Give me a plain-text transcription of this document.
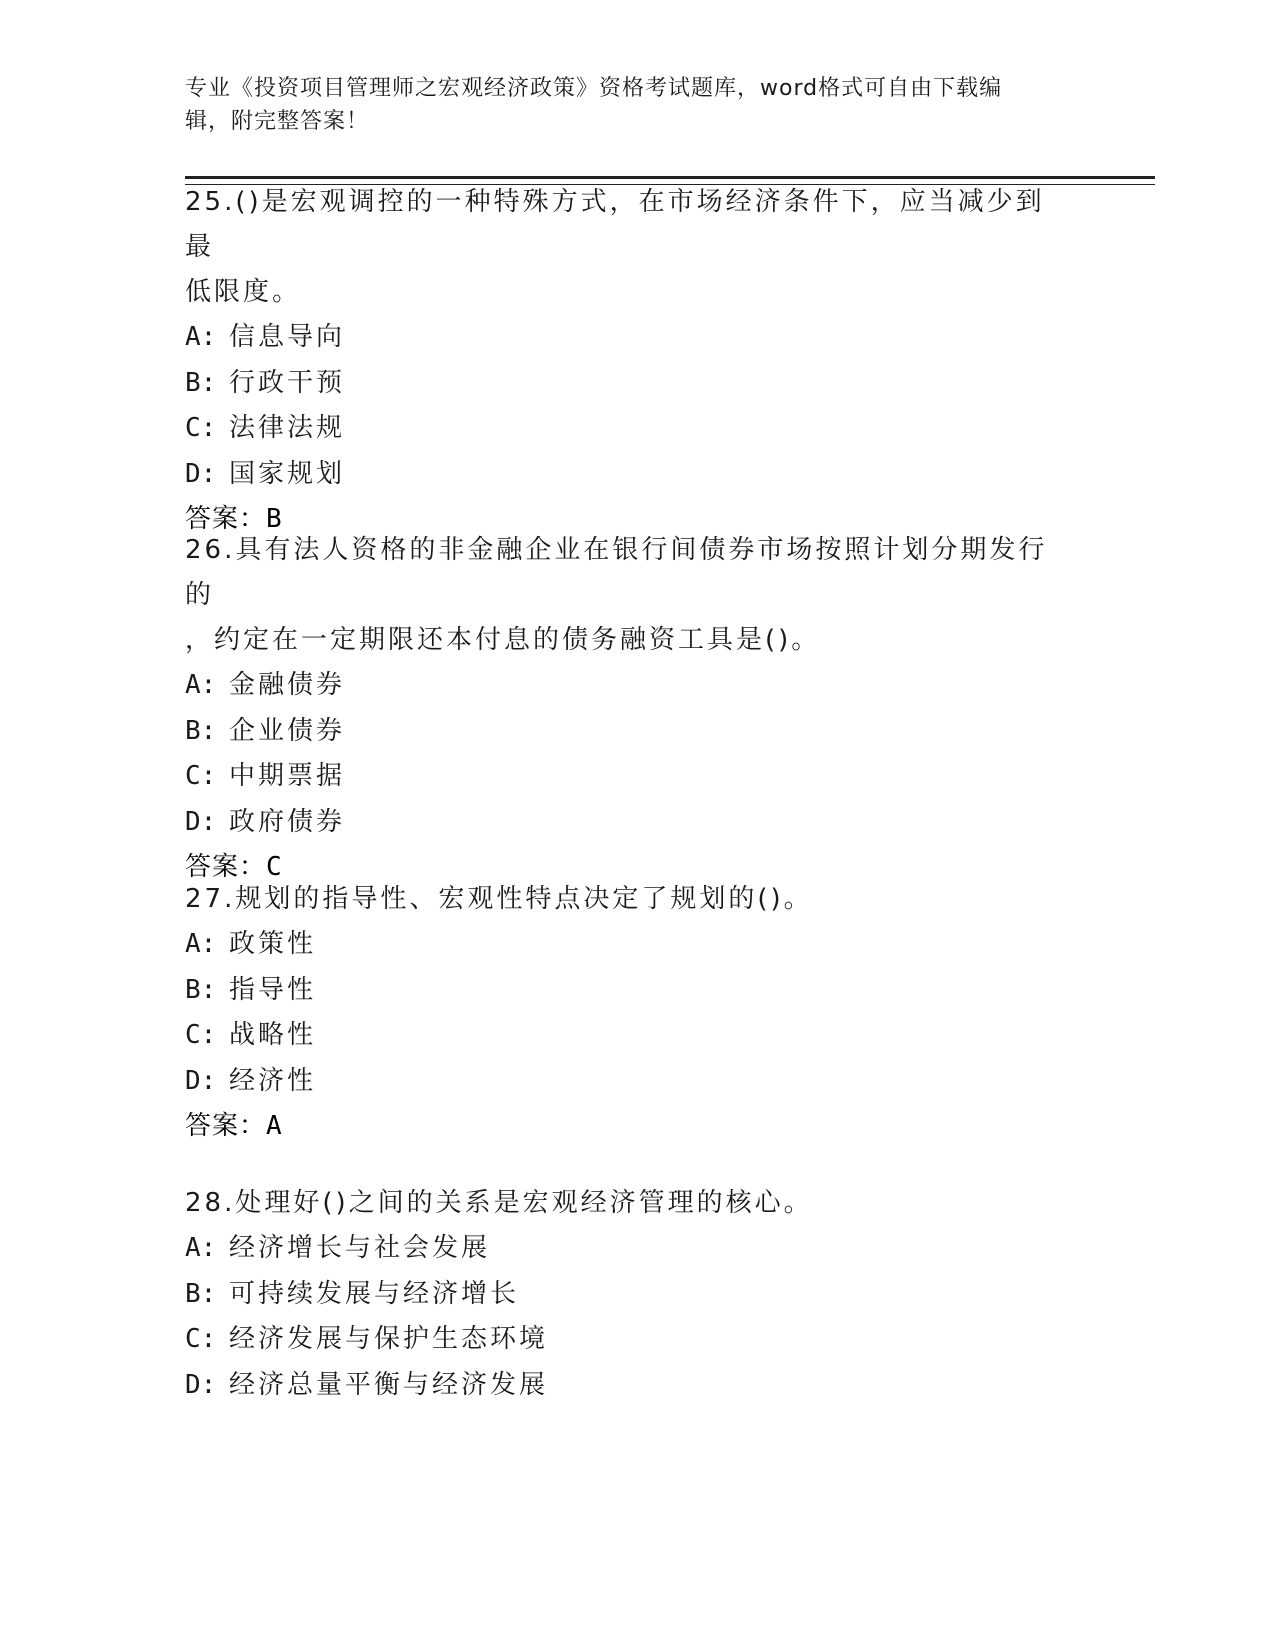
专业《投资项目管理师之宏观经济政策》资格考试题库，word格式可自由下载编
辑，附完整答案！

25.()是宏观调控的一种特殊方式，在市场经济条件下，应当减少到最

低限度。

A: 信息导向

B: 行政干预

C: 法律法规

D: 国家规划

答案：B

26.具有法人资格的非金融企业在银行间债券市场按照计划分期发行的

，约定在一定期限还本付息的债务融资工具是()。

A: 金融债券

B: 企业债券

C: 中期票据

D: 政府债券

答案：C

27.规划的指导性、宏观性特点决定了规划的()。

A: 政策性

B: 指导性

C: 战略性

D: 经济性

答案：A

28.处理好()之间的关系是宏观经济管理的核心。

A: 经济增长与社会发展

B: 可持续发展与经济增长

C: 经济发展与保护生态环境

D: 经济总量平衡与经济发展
